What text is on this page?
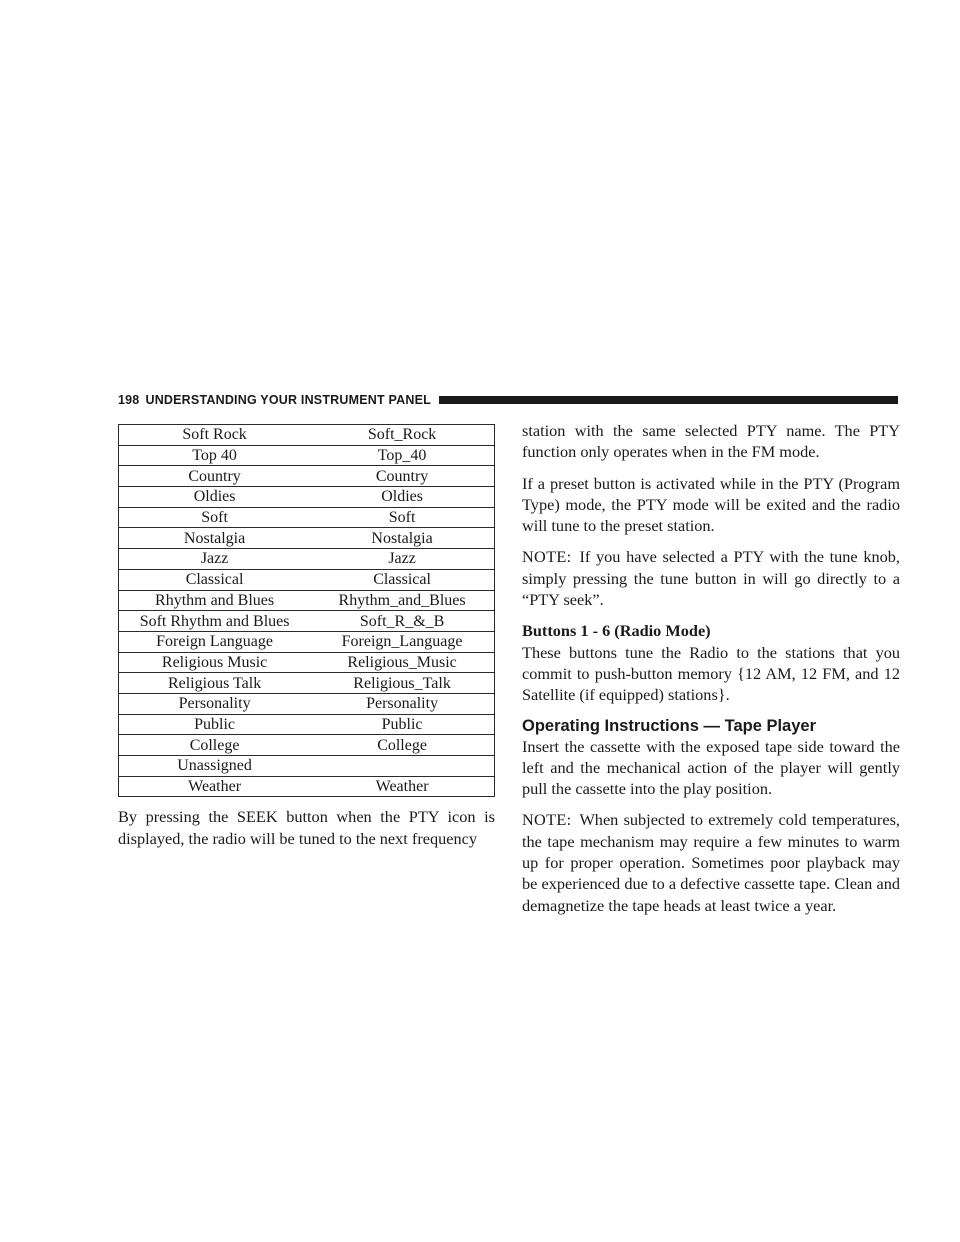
198 UNDERSTANDING YOUR INSTRUMENT PANEL
Soft Rock	Soft_Rock
Top 40	Top_40
Country	Country
Oldies	Oldies
Soft	Soft
Nostalgia	Nostalgia
Jazz	Jazz
Classical	Classical
Rhythm and Blues	Rhythm_and_Blues
Soft Rhythm and Blues	Soft_R_&_B
Foreign Language	Foreign_Language
Religious Music	Religious_Music
Religious Talk	Religious_Talk
Personality	Personality
Public	Public
College	College
Unassigned	
Weather	Weather

By pressing the SEEK button when the PTY icon is displayed, the radio will be tuned to the next frequency

station with the same selected PTY name. The PTY function only operates when in the FM mode.

If a preset button is activated while in the PTY (Program Type) mode, the PTY mode will be exited and the radio will tune to the preset station.

NOTE: If you have selected a PTY with the tune knob, simply pressing the tune button in will go directly to a “PTY seek”.

Buttons 1 - 6 (Radio Mode)

These buttons tune the Radio to the stations that you commit to push-button memory {12 AM, 12 FM, and 12 Satellite (if equipped) stations}.

Operating Instructions — Tape Player

Insert the cassette with the exposed tape side toward the left and the mechanical action of the player will gently pull the cassette into the play position.

NOTE: When subjected to extremely cold temperatures, the tape mechanism may require a few minutes to warm up for proper operation. Sometimes poor playback may be experienced due to a defective cassette tape. Clean and demagnetize the tape heads at least twice a year.
